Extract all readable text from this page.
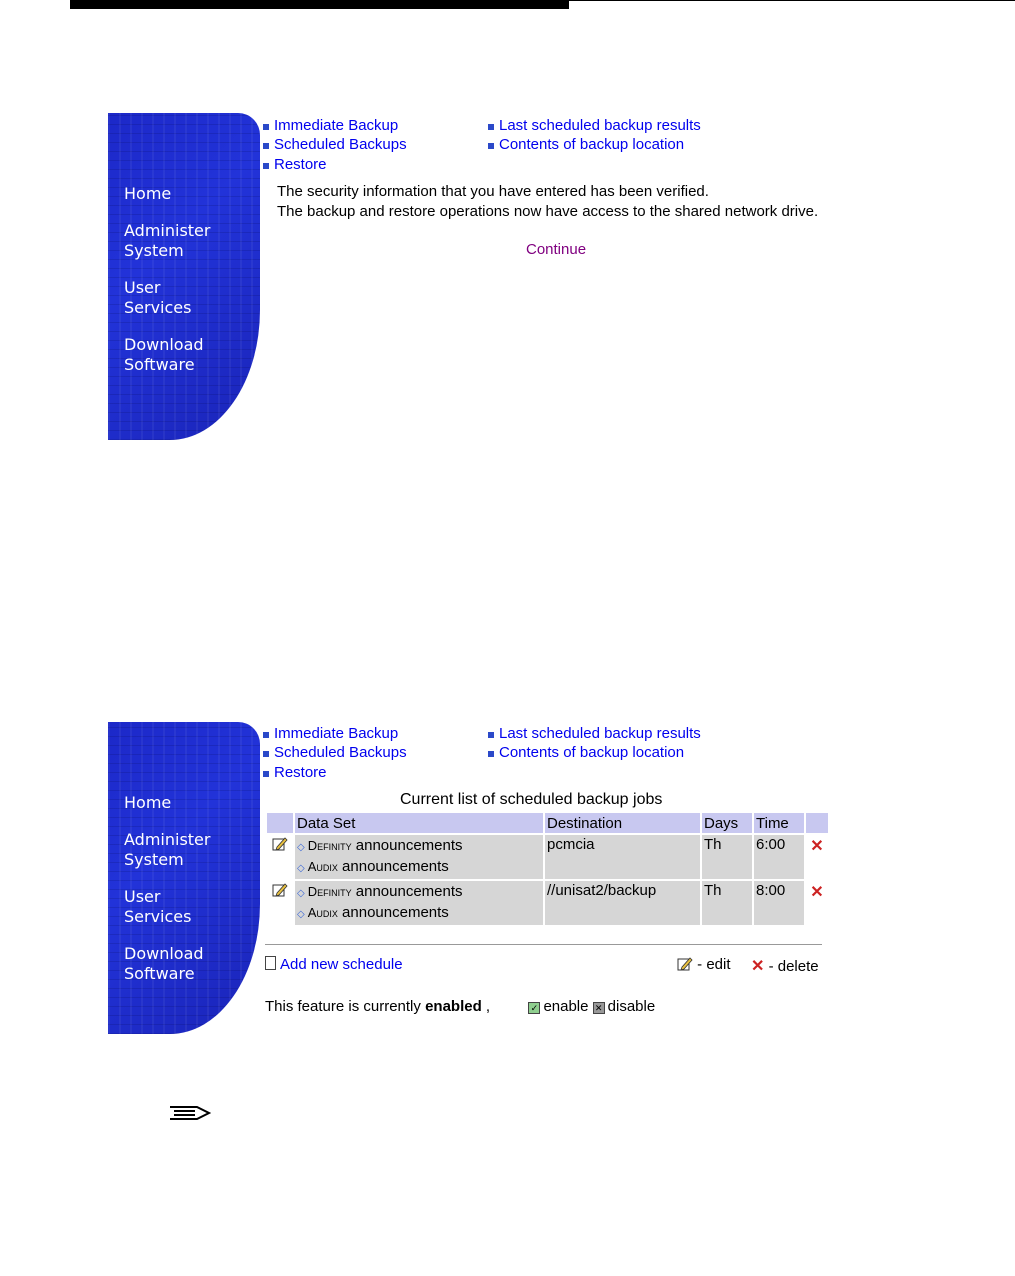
Home
Administer
System
User
Services
Download
Software
Immediate Backup
Scheduled Backups
Restore
Last scheduled backup results
Contents of backup location
The security information that you have entered has been verified.
The backup and restore operations now have access to the shared network drive.
Continue
Home
Administer
System
User
Services
Download
Software
Immediate Backup
Scheduled Backups
Restore
Last scheduled backup results
Contents of backup location
Current list of scheduled backup jobs
	Data Set	Destination	Days	Time	

◇ Definity announcements
◇ Audix announcements	pcmcia	Th	6:00	✕

◇ Definity announcements
◇ Audix announcements	//unisat2/backup	Th	8:00	✕
Add new schedule	- edit ✕ - delete
This feature is currently enabled ,	✓ enable ✕ disable
